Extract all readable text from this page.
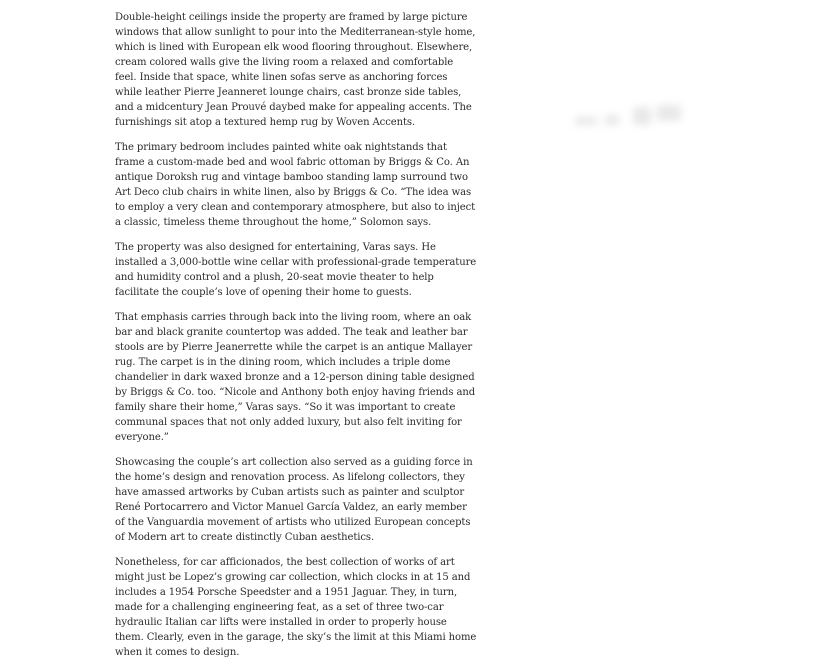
Double-height ceilings inside the property are framed by large picture windows that allow sunlight to pour into the Mediterranean-style home, which is lined with European elk wood flooring throughout. Elsewhere, cream colored walls give the living room a relaxed and comfortable feel. Inside that space, white linen sofas serve as anchoring forces while leather Pierre Jeanneret lounge chairs, cast bronze side tables, and a midcentury Jean Prouvé daybed make for appealing accents. The furnishings sit atop a textured hemp rug by Woven Accents.

The primary bedroom includes painted white oak nightstands that frame a custom-made bed and wool fabric ottoman by Briggs & Co. An antique Doroksh rug and vintage bamboo standing lamp surround two Art Deco club chairs in white linen, also by Briggs & Co. “The idea was to employ a very clean and contemporary atmosphere, but also to inject a classic, timeless theme throughout the home,” Solomon says.

The property was also designed for entertaining, Varas says. He installed a 3,000-bottle wine cellar with professional-grade temperature and humidity control and a plush, 20-seat movie theater to help facilitate the couple’s love of opening their home to guests.

That emphasis carries through back into the living room, where an oak bar and black granite countertop was added. The teak and leather bar stools are by Pierre Jeanerrette while the carpet is an antique Mallayer rug. The carpet is in the dining room, which includes a triple dome chandelier in dark waxed bronze and a 12-person dining table designed by Briggs & Co. too. “Nicole and Anthony both enjoy having friends and family share their home,” Varas says. “So it was important to create communal spaces that not only added luxury, but also felt inviting for everyone.”

Showcasing the couple’s art collection also served as a guiding force in the home’s design and renovation process. As lifelong collectors, they have amassed artworks by Cuban artists such as painter and sculptor René Portocarrero and Victor Manuel García Valdez, an early member of the Vanguardia movement of artists who utilized European concepts of Modern art to create distinctly Cuban aesthetics.

Nonetheless, for car afficionados, the best collection of works of art might just be Lopez’s growing car collection, which clocks in at 15 and includes a 1954 Porsche Speedster and a 1951 Jaguar. They, in turn, made for a challenging engineering feat, as a set of three two-car hydraulic Italian car lifts were installed in order to properly house them. Clearly, even in the garage, the sky’s the limit at this Miami home when it comes to design.
